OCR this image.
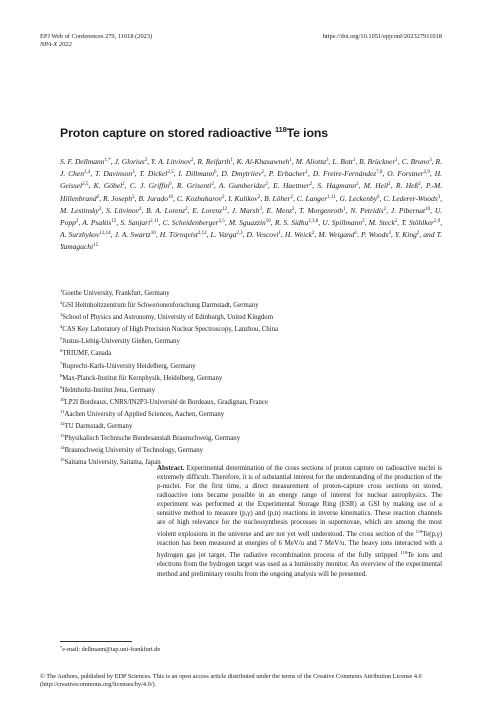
EPJ Web of Conferences 279, 11018 (2023)
NPA-X 2022
https://doi.org/10.1051/epjconf/202327911018
Proton capture on stored radioactive $^{118}$Te ions
S. F. Dellmann$^{1,*}$, J. Glorius$^2$, Y. A. Litvinov$^2$, R. Reifarth$^1$, K. Al-Khasawneh$^1$, M. Aliotta$^3$, L. Bott$^1$, B. Brückner$^1$, C. Bruno$^3$, R. J. Chen$^{2,4}$, T. Davinson$^3$, T. Dickel$^{2,5}$, I. Dillmann$^6$, D. Dmytriiev$^2$, P. Erbacher$^1$, D. Freire-Fernández$^{7,8}$, O. Forstner$^{2,9}$, H. Geissel$^{2,5}$, K. Göbel$^2$, C. J. Griffin$^6$, R. Grisenti$^2$, A. Gumberidze$^2$, E. Haettner$^2$, S. Hagmann$^2$, M. Heil$^2$, R. Heß$^2$, P.-M. Hillenbrand$^2$, R. Joseph$^2$, B. Jurado$^{10}$, C. Kozhuharov$^2$, I. Kulikov$^2$, B. Löher$^2$, C. Langer$^{1,11}$, G. Leckenby$^6$, C. Lederer-Woods$^3$, M. Lestinsky$^2$, S. Litvinov$^2$, B. A. Lorenz$^2$, E. Lorenz$^{12}$, J. Marsh$^3$, E. Menz$^2$, T. Morgenroth$^1$, N. Petridis$^2$, J. Pibernat$^{10}$, U. Popp$^2$, A. Psaltis$^{12}$, S. Sanjari$^{2,11}$, C. Scheidenberger$^{2,5}$, M. Sguazzin$^{10}$, R. S. Sidhu$^{2,3,8}$, U. Spillmann$^2$, M. Steck$^2$, T. Stöhlker$^{2,9}$, A. Surzhykov$^{13,14}$, J. A. Swartz$^{10}$, H. Törnqvist$^{2,12}$, L. Varga$^{2,3}$, D. Vescovi$^1$, H. Weick$^2$, M. Weigand$^1$, P. Woods$^3$, Y. King$^2$, and T. Yamaguchi$^{15}$
$^1$Goethe University, Frankfurt, Germany
$^2$GSI Helmholtzzentrum für Schwerionenforschung Darmstadt, Germany
$^3$School of Physics and Astronomy, University of Edinburgh, United Kingdom
$^4$CAS Key Laboratory of High Precision Nuclear Spectroscopy, Lanzhou, China
$^5$Justus-Liebig-University Gießen, Germany
$^6$TRIUMF, Canada
$^7$Ruprecht-Karls-University Heidelberg, Germany
$^8$Max-Planck-Institut für Kernphysik, Heidelberg, Germany
$^9$Helmholtz-Institut Jena, Germany
$^{10}$LP2I Bordeaux, CNRS/IN2P3-Université de Bordeaux, Gradignan, France
$^{11}$Aachen University of Applied Sciences, Aachen, Germany
$^{12}$TU Darmstadt, Germany
$^{13}$Physikalisch Technische Bundesanstalt Braunschweig, Germany
$^{14}$Braunschweig University of Technology, Germany
$^{15}$Saitama University, Saitama, Japan
Abstract. Experimental determination of the cross sections of proton capture on radioactive nuclei is extremely difficult. Therefore, it is of substantial interest for the understanding of the production of the p-nuclei. For the first time, a direct measurement of proton-capture cross sections on stored, radioactive ions became possible in an energy range of interest for nuclear astrophysics. The experiment was performed at the Experimental Storage Ring (ESR) at GSI by making use of a sensitive method to measure (p,γ) and (p,n) reactions in inverse kinematics. These reaction channels are of high relevance for the nucleosynthesis processes in supernovae, which are among the most violent explosions in the universe and are not yet well understood. The cross section of the $^{118}$Te(p,γ) reaction has been measured at energies of 6 MeV/u and 7 MeV/u. The heavy ions interacted with a hydrogen gas jet target. The radiative recombination process of the fully stripped $^{118}$Te ions and electrons from the hydrogen target was used as a luminosity monitor. An overview of the experimental method and preliminary results from the ongoing analysis will be presented.
*e-mail: dellmann@iap.uni-frankfurt.de
© The Authors, published by EDP Sciences. This is an open access article distributed under the terms of the Creative Commons Attribution License 4.0 (http://creativecommons.org/licenses/by/4.0/).
